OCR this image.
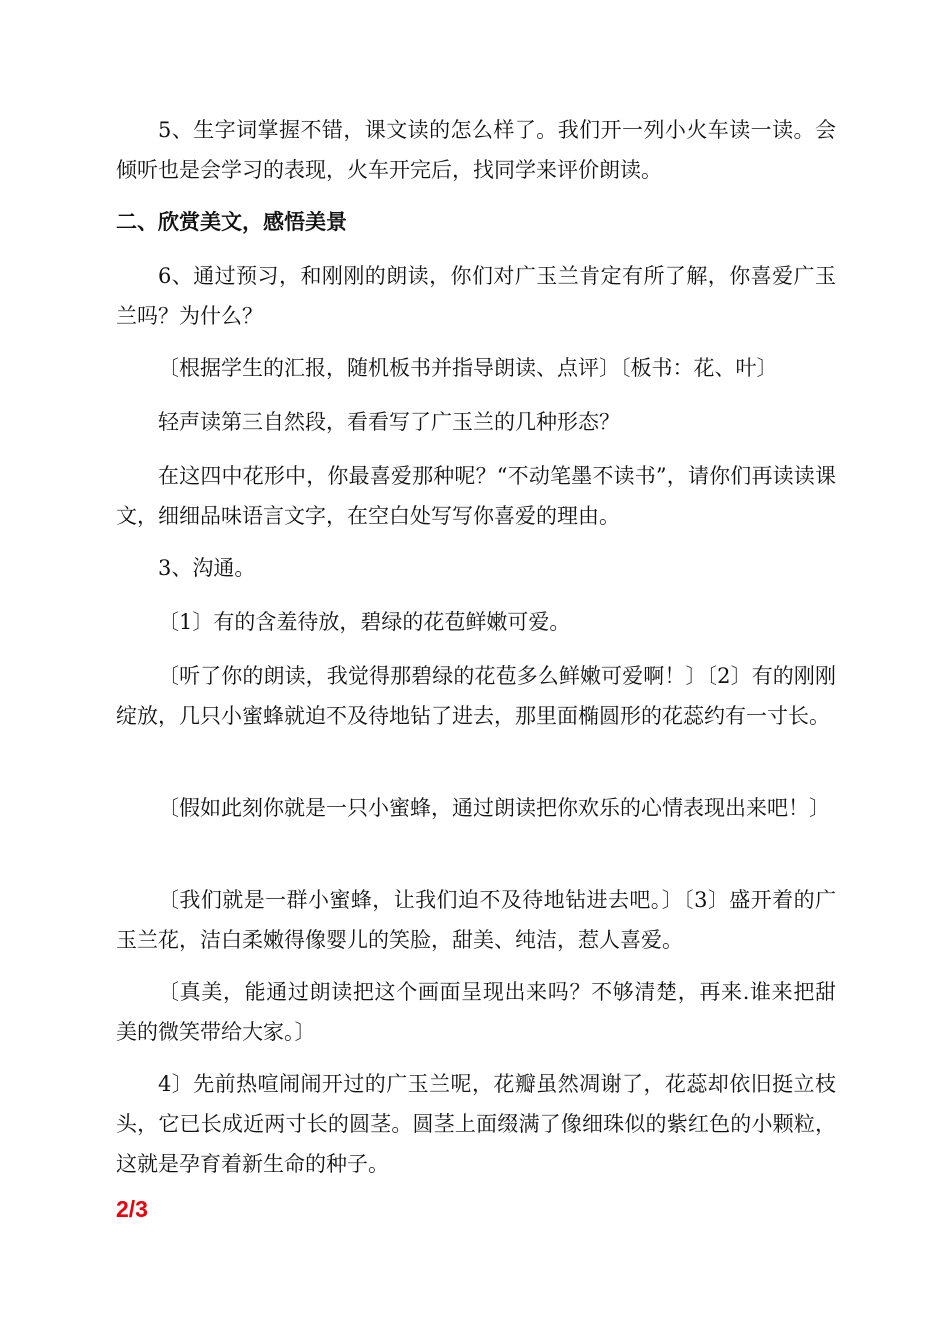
5、生字词掌握不错，课文读的怎么样了。我们开一列小火车读一读。会倾听也是会学习的表现，火车开完后，找同学来评价朗读。

二、欣赏美文，感悟美景

6、通过预习，和刚刚的朗读，你们对广玉兰肯定有所了解，你喜爱广玉兰吗？为什么？

〔根据学生的汇报，随机板书并指导朗读、点评〕〔板书：花、叶〕

轻声读第三自然段，看看写了广玉兰的几种形态？

在这四中花形中，你最喜爱那种呢？“不动笔墨不读书”，请你们再读读课文，细细品味语言文字，在空白处写写你喜爱的理由。

3、沟通。

〔1〕有的含羞待放，碧绿的花苞鲜嫩可爱。

〔听了你的朗读，我觉得那碧绿的花苞多么鲜嫩可爱啊！〕〔2〕有的刚刚绽放，几只小蜜蜂就迫不及待地钻了进去，那里面椭圆形的花蕊约有一寸长。

〔假如此刻你就是一只小蜜蜂，通过朗读把你欢乐的心情表现出来吧！〕

〔我们就是一群小蜜蜂，让我们迫不及待地钻进去吧。〕〔3〕盛开着的广玉兰花，洁白柔嫩得像婴儿的笑脸，甜美、纯洁，惹人喜爱。

〔真美，能通过朗读把这个画面呈现出来吗？不够清楚，再来.谁来把甜美的微笑带给大家。〕

4〕先前热喧闹闹开过的广玉兰呢，花瓣虽然凋谢了，花蕊却依旧挺立枝头，它已长成近两寸长的圆茎。圆茎上面缀满了像细珠似的紫红色的小颗粒，这就是孕育着新生命的种子。

2/3
